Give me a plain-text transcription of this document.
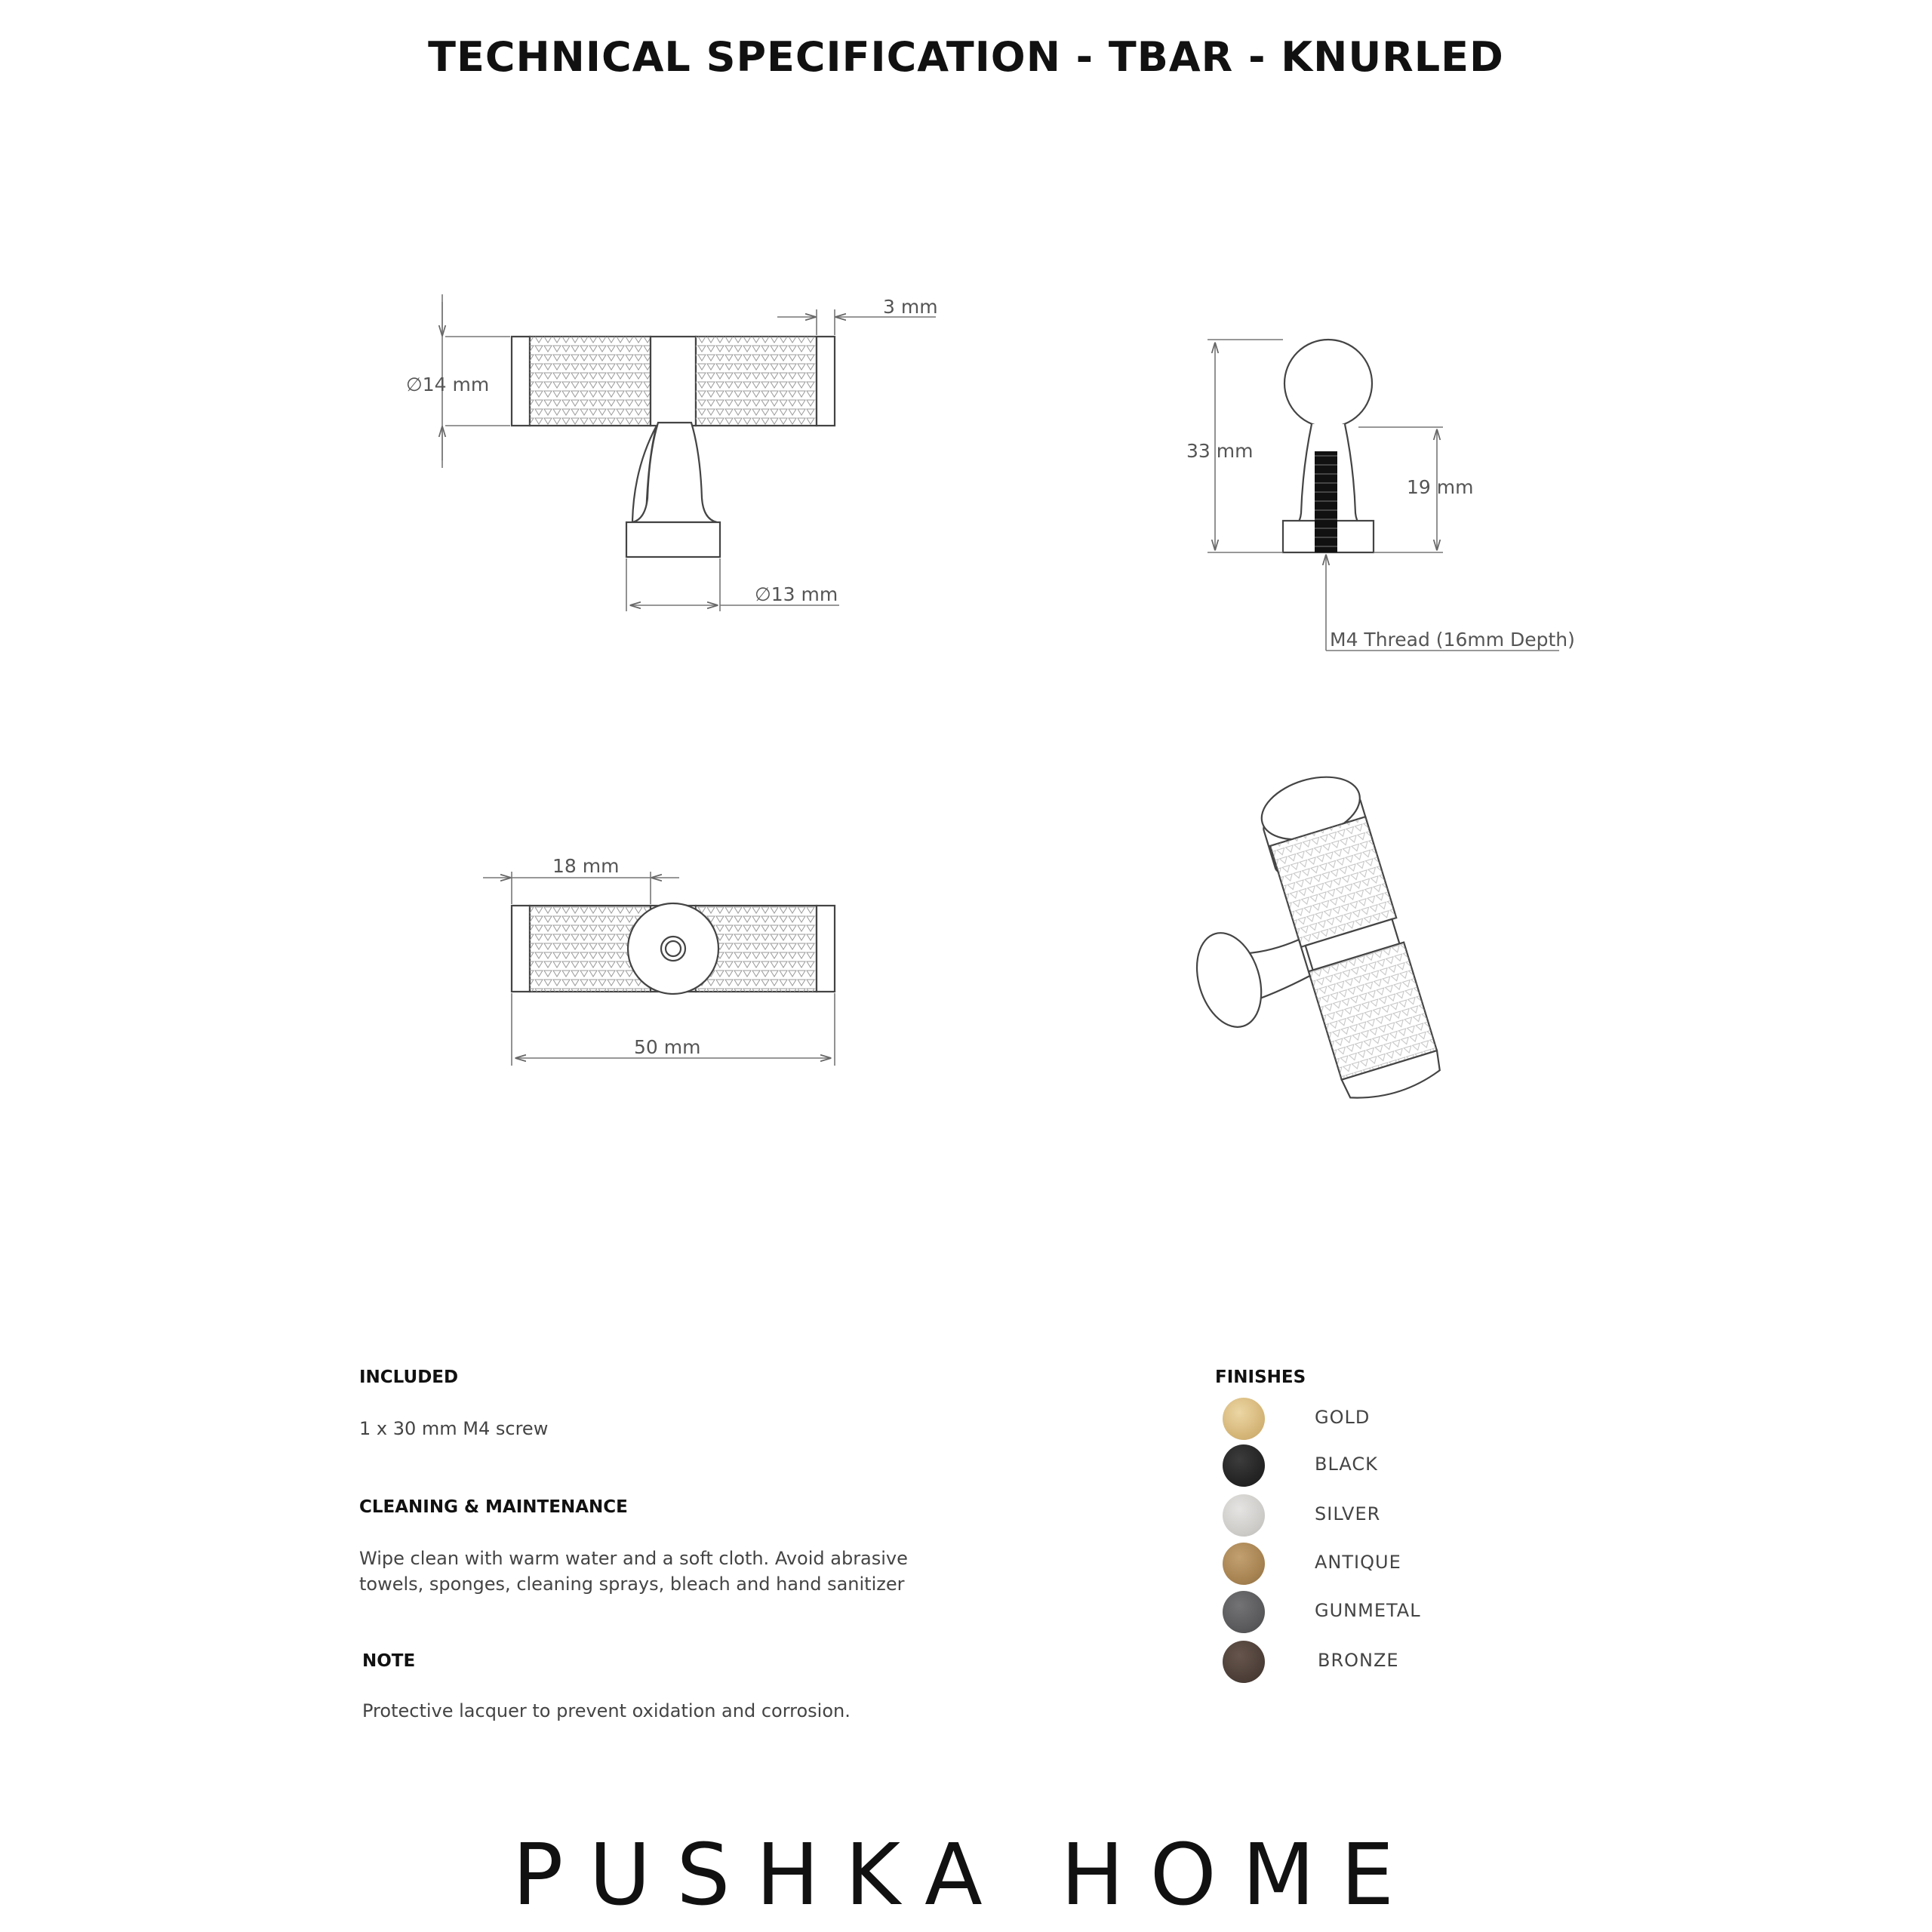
TECHNICAL SPECIFICATION - TBAR - KNURLED
3 mm
∅14 mm
∅13 mm
33 mm
19 mm
M4 Thread (16mm Depth)
18 mm
50 mm
INCLUDED
1 x 30 mm M4 screw
CLEANING & MAINTENANCE
Wipe clean with warm water and a soft cloth. Avoid abrasive
towels, sponges, cleaning sprays, bleach and hand sanitizer
NOTE
Protective lacquer to prevent oxidation and corrosion.
FINISHES
GOLD
BLACK
SILVER
ANTIQUE
GUNMETAL
BRONZE
PUSHKA HOME
